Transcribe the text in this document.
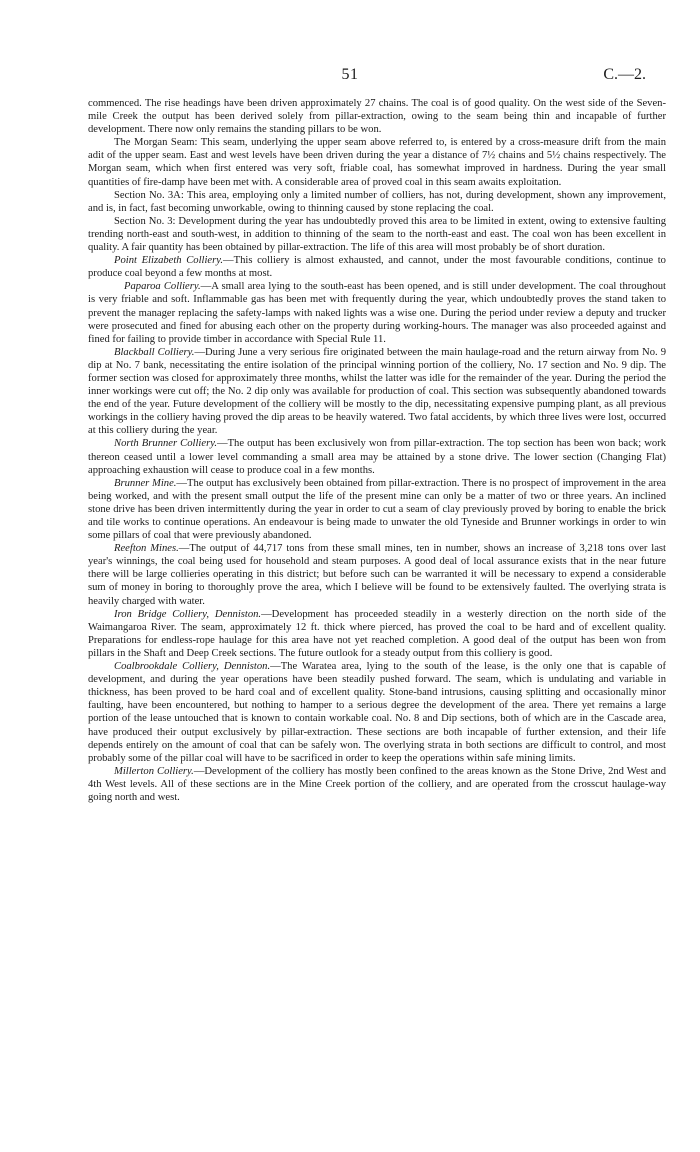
51	C.—2.

commenced. The rise headings have been driven approximately 27 chains. The coal is of good quality. On the west side of the Seven-mile Creek the output has been derived solely from pillar-extraction, owing to the seam being thin and incapable of further development. There now only remains the standing pillars to be won.

The Morgan Seam: This seam, underlying the upper seam above referred to, is entered by a cross-measure drift from the main adit of the upper seam. East and west levels have been driven during the year a distance of 7½ chains and 5½ chains respectively. The Morgan seam, which when first entered was very soft, friable coal, has somewhat improved in hardness. During the year small quantities of fire-damp have been met with. A considerable area of proved coal in this seam awaits exploitation.

Section No. 3A: This area, employing only a limited number of colliers, has not, during development, shown any improvement, and is, in fact, fast becoming unworkable, owing to thinning caused by stone replacing the coal.

Section No. 3: Development during the year has undoubtedly proved this area to be limited in extent, owing to extensive faulting trending north-east and south-west, in addition to thinning of the seam to the north-east and east. The coal won has been excellent in quality. A fair quantity has been obtained by pillar-extraction. The life of this area will most probably be of short duration.

Point Elizabeth Colliery.—This colliery is almost exhausted, and cannot, under the most favourable conditions, continue to produce coal beyond a few months at most.

Paparoa Colliery.—A small area lying to the south-east has been opened, and is still under development. The coal throughout is very friable and soft. Inflammable gas has been met with frequently during the year, which undoubtedly proves the stand taken to prevent the manager replacing the safety-lamps with naked lights was a wise one. During the period under review a deputy and trucker were prosecuted and fined for abusing each other on the property during working-hours. The manager was also proceeded against and fined for failing to provide timber in accordance with Special Rule 11.

Blackball Colliery.—During June a very serious fire originated between the main haulage-road and the return airway from No. 9 dip at No. 7 bank, necessitating the entire isolation of the principal winning portion of the colliery, No. 17 section and No. 9 dip. The former section was closed for approximately three months, whilst the latter was idle for the remainder of the year. During the period the inner workings were cut off; the No. 2 dip only was available for production of coal. This section was subsequently abandoned towards the end of the year. Future development of the colliery will be mostly to the dip, necessitating expensive pumping plant, as all previous workings in the colliery having proved the dip areas to be heavily watered. Two fatal accidents, by which three lives were lost, occurred at this colliery during the year.

North Brunner Colliery.—The output has been exclusively won from pillar-extraction. The top section has been won back; work thereon ceased until a lower level commanding a small area may be attained by a stone drive. The lower section (Changing Flat) approaching exhaustion will cease to produce coal in a few months.

Brunner Mine.—The output has exclusively been obtained from pillar-extraction. There is no prospect of improvement in the area being worked, and with the present small output the life of the present mine can only be a matter of two or three years. An inclined stone drive has been driven intermittently during the year in order to cut a seam of clay previously proved by boring to enable the brick and tile works to continue operations. An endeavour is being made to unwater the old Tyneside and Brunner workings in order to win some pillars of coal that were previously abandoned.

Reefton Mines.—The output of 44,717 tons from these small mines, ten in number, shows an increase of 3,218 tons over last year's winnings, the coal being used for household and steam purposes. A good deal of local assurance exists that in the near future there will be large collieries operating in this district; but before such can be warranted it will be necessary to expend a considerable sum of money in boring to thoroughly prove the area, which I believe will be found to be extensively faulted. The overlying strata is heavily charged with water.

Iron Bridge Colliery, Denniston.—Development has proceeded steadily in a westerly direction on the north side of the Waimangaroa River. The seam, approximately 12 ft. thick where pierced, has proved the coal to be hard and of excellent quality. Preparations for endless-rope haulage for this area have not yet reached completion. A good deal of the output has been won from pillars in the Shaft and Deep Creek sections. The future outlook for a steady output from this colliery is good.

Coalbrookdale Colliery, Denniston.—The Waratea area, lying to the south of the lease, is the only one that is capable of development, and during the year operations have been steadily pushed forward. The seam, which is undulating and variable in thickness, has been proved to be hard coal and of excellent quality. Stone-band intrusions, causing splitting and occasionally minor faulting, have been encountered, but nothing to hamper to a serious degree the development of the area. There yet remains a large portion of the lease untouched that is known to contain workable coal. No. 8 and Dip sections, both of which are in the Cascade area, have produced their output exclusively by pillar-extraction. These sections are both incapable of further extension, and their life depends entirely on the amount of coal that can be safely won. The overlying strata in both sections are difficult to control, and most probably some of the pillar coal will have to be sacrificed in order to keep the operations within safe mining limits.

Millerton Colliery.—Development of the colliery has mostly been confined to the areas known as the Stone Drive, 2nd West and 4th West levels. All of these sections are in the Mine Creek portion of the colliery, and are operated from the crosscut haulage-way going north and west.
